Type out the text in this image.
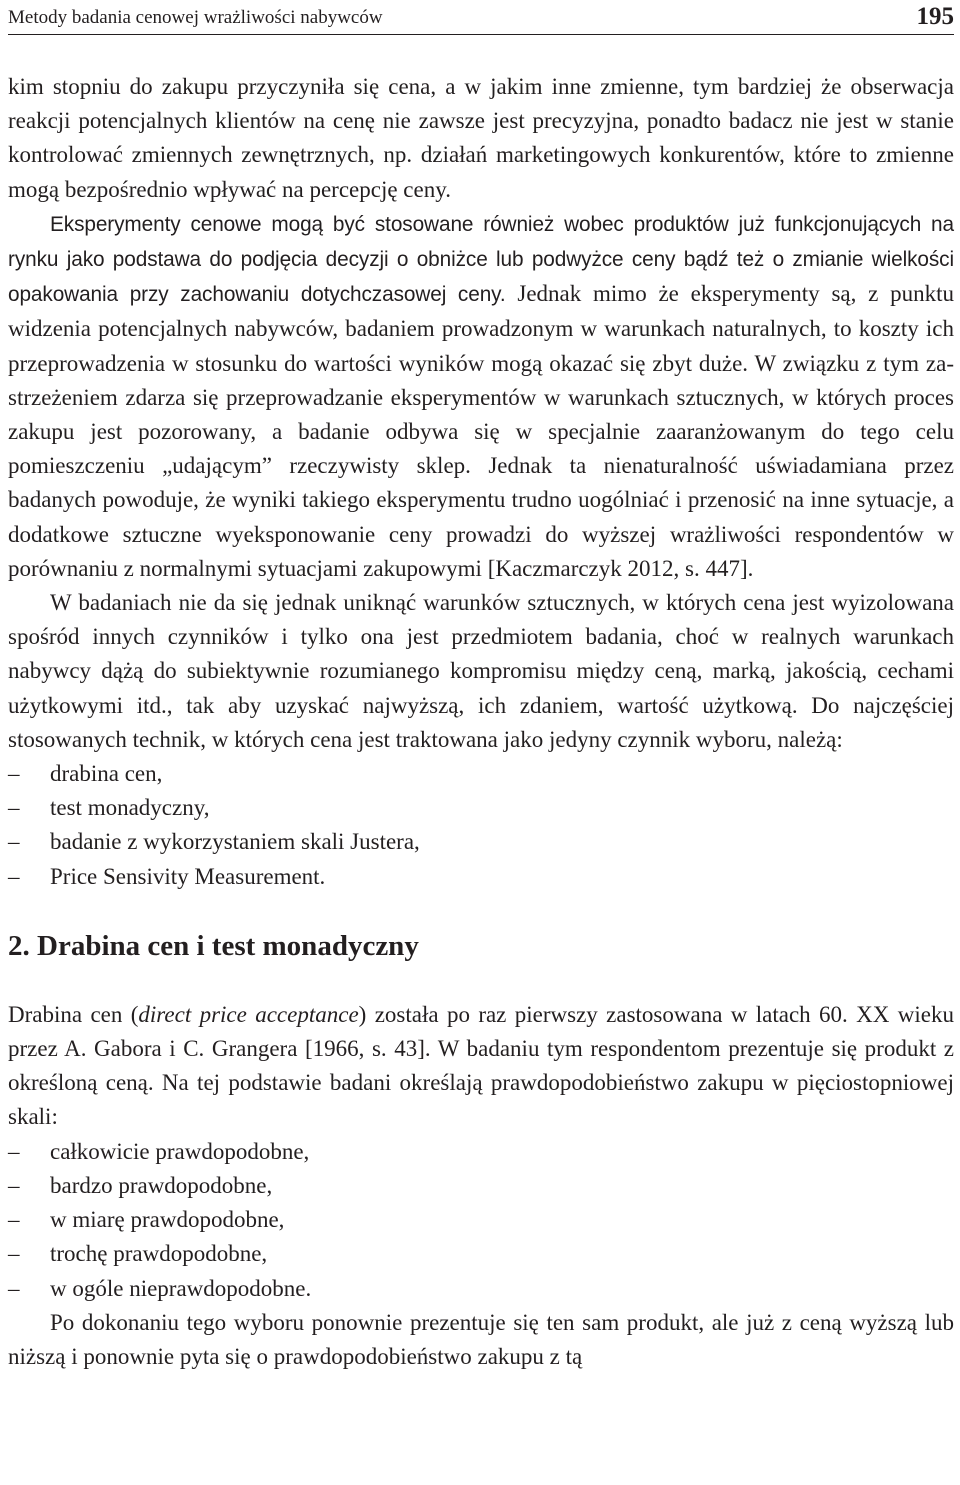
Metody badania cenowej wrażliwości nabywców	195

kim stopniu do zakupu przyczyniła się cena, a w jakim inne zmienne, tym bardziej że obserwacja reakcji potencjalnych klientów na cenę nie zawsze jest precyzyjna, ponadto badacz nie jest w stanie kontrolować zmiennych zewnętrznych, np. działań marketingowych konkurentów, które to zmienne mogą bezpośrednio wpływać na percepcję ceny.

Eksperymenty cenowe mogą być stosowane również wobec produktów już funkcjonujących na rynku jako podstawa do podjęcia decyzji o obniżce lub podwyżce ceny bądź też o zmianie wielkości opakowania przy zachowaniu dotychczasowej ceny. Jednak mimo że eksperymenty są, z punktu widzenia potencjalnych nabywców, badaniem prowadzonym w warunkach naturalnych, to koszty ich przeprowadzenia w stosunku do wartości wyników mogą okazać się zbyt duże. W związku z tym zastrzeżeniem zdarza się przeprowadzanie eksperymentów w warunkach sztucznych, w których proces zakupu jest pozorowany, a badanie odbywa się w specjalnie zaaranżowanym do tego celu pomieszczeniu „udającym” rzeczywisty sklep. Jednak ta nienaturalność uświadamiana przez badanych powoduje, że wyniki takiego eksperymentu trudno uogólniać i przenosić na inne sytuacje, a dodatkowe sztuczne wyeksponowanie ceny prowadzi do wyższej wrażliwości respondentów w porównaniu z normalnymi sytuacjami zakupowymi [Kaczmarczyk 2012, s. 447].

W badaniach nie da się jednak uniknąć warunków sztucznych, w których cena jest wyizolowana spośród innych czynników i tylko ona jest przedmiotem badania, choć w realnych warunkach nabywcy dążą do subiektywnie rozumianego kompromisu między ceną, marką, jakością, cechami użytkowymi itd., tak aby uzyskać najwyższą, ich zdaniem, wartość użytkową. Do najczęściej stosowanych technik, w których cena jest traktowana jako jedyny czynnik wyboru, należą:

– drabina cen,
– test monadyczny,
– badanie z wykorzystaniem skali Justera,
– Price Sensivity Measurement.
2. Drabina cen i test monadyczny

Drabina cen (direct price acceptance) została po raz pierwszy zastosowana w latach 60. XX wieku przez A. Gabora i C. Grangera [1966, s. 43]. W badaniu tym respondentom prezentuje się produkt z określoną ceną. Na tej podstawie badani określają prawdopodobieństwo zakupu w pięciostopniowej skali:

– całkowicie prawdopodobne,
– bardzo prawdopodobne,
– w miarę prawdopodobne,
– trochę prawdopodobne,
– w ogóle nieprawdopodobne.

Po dokonaniu tego wyboru ponownie prezentuje się ten sam produkt, ale już z ceną wyższą lub niższą i ponownie pyta się o prawdopodobieństwo zakupu z tą
